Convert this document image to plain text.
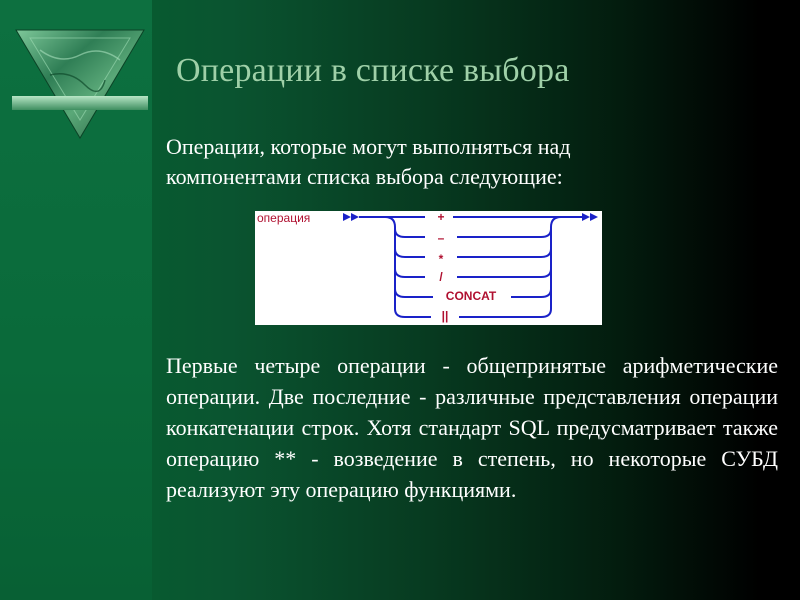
Операции в списке выбора
Операции, которые могут выполняться над
компонентами списка выбора следующие:
операция	+
–
*
/
CONCAT
||
Первые четыре операции - общепринятые арифметические операции. Две последние - различные представления операции конкатенации строк. Хотя стандарт SQL предусматривает также операцию ** - возведение в степень, но некоторые СУБД реализуют эту операцию функциями.
